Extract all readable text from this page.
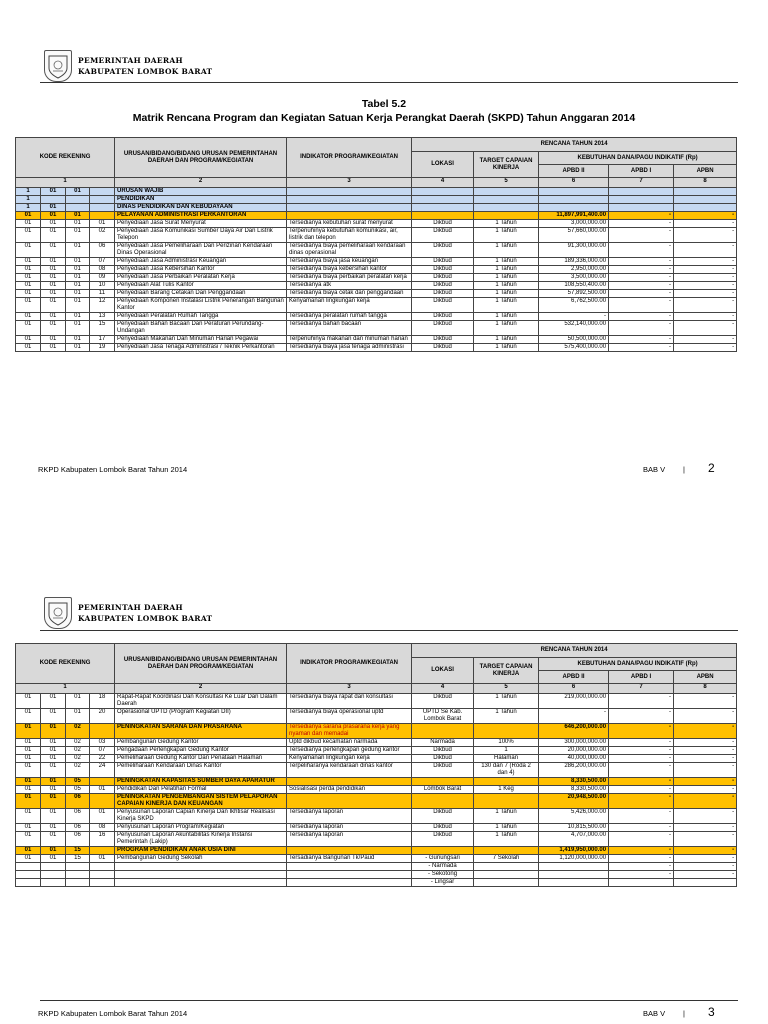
PEMERINTAH DAERAH
KABUPATEN LOMBOK BARAT
Tabel 5.2
Matrik Rencana Program dan Kegiatan Satuan Kerja Perangkat Daerah (SKPD) Tahun Anggaran 2014
KODE REKENING				URUSAN/BIDANG/BIDANG URUSAN PEMERINTAHAN DAERAH DAN PROGRAM/KEGIATAN	INDIKATOR PROGRAM/KEGIATAN	RENCANA TAHUN 2014				
						LOKASI	TARGET CAPAIAN KINERJA	KEBUTUHAN DANA/PAGU INDIKATIF (Rp)		
								APBD II	APBD I	APBN
1				2	3	4	5	6	7	8
1	01	01		URUSAN WAJIB						
1				PENDIDIKAN						
1	01			DINAS PENDIDIKAN DAN KEBUDAYAAN						
01	01	01		PELAYANAN ADMINISTRASI PERKANTORAN				11,897,991,400.00	-	-
01	01	01	01	Penyediaan Jasa Surat Menyurat	Tersedianya kebutuhan surat menyurat	Dikbud	1 Tahun	3,000,000.00	-	-
01	01	01	02	Penyediaan Jasa Komunikasi Sumber Daya Air Dan Listrik Telepon	Terpenuhinya kebutuhan komunikasi, air, listrik dan telepon	Dikbud	1 Tahun	57,660,000.00	-	-
01	01	01	06	Penyediaan Jasa Pemeliharaan Dan Perizinan Kendaraan Dinas Operasional	Tersedianya biaya pemeliharaan kendaraan dinas operasional	Dikbud	1 Tahun	91,300,000.00	-	-
01	01	01	07	Penyediaan Jasa Administrasi Keuangan	Tersedianya biaya jasa keuangan	Dikbud	1 Tahun	189,336,000.00	-	-
01	01	01	08	Penyediaan Jasa Kebersihan Kantor	Tersedianya biaya kebersihan kantor	Dikbud	1 Tahun	2,950,000.00	-	-
01	01	01	09	Penyediaan Jasa Perbaikan Peralatan Kerja	Tersedianya biaya perbaikan peralatan kerja	Dikbud	1 Tahun	3,500,000.00	-	-
01	01	01	10	Penyediaan Alat Tulis Kantor	Tersedianya atk	Dikbud	1 Tahun	108,550,400.00	-	-
01	01	01	11	Penyediaan Barang Cetakan Dan Penggandaan	Tersedianya biaya cetak dan penggandaan	Dikbud	1 Tahun	57,892,500.00	-	-
01	01	01	12	Penyediaan Komponen Instalasi Listrik Penerangan Bangunan Kantor	Kenyamanan lingkungan kerja	Dikbud	1 Tahun	6,762,500.00	-	-
01	01	01	13	Penyediaan Peralatan Rumah Tangga	Tersedianya peralatan rumah tangga	Dikbud	1 Tahun	-	-	-
01	01	01	15	Penyediaan Bahan Bacaan Dan Peraturan Perundang-Undangan	Tersedianya bahan bacaan	Dikbud	1 Tahun	532,140,000.00	-	-
01	01	01	17	Penyediaan Makanan Dan Minuman Harian Pegawai	Terpenuhinya makanan dan minuman harian	Dikbud	1 Tahun	50,500,000.00	-	-
01	01	01	19	Penyediaan Jasa Tenaga Administrasi / Teknik Perkantoran	Tersedianya biaya jasa tenaga administrasi	Dikbud	1 Tahun	575,400,000.00	-	-
RKPD Kabupaten Lombok Barat Tahun 2014	BAB V | 2
PEMERINTAH DAERAH
KABUPATEN LOMBOK BARAT
KODE REKENING				URUSAN/BIDANG/BIDANG URUSAN PEMERINTAHAN DAERAH DAN PROGRAM/KEGIATAN	INDIKATOR PROGRAM/KEGIATAN	RENCANA TAHUN 2014				
						LOKASI	TARGET CAPAIAN KINERJA	KEBUTUHAN DANA/PAGU INDIKATIF (Rp)		
								APBD II	APBD I	APBN
1				2	3	4	5	6	7	8
01	01	01	18	Rapat-Rapat Koordinasi Dan Konsultasi Ke Luar Dan Dalam Daerah	Tersedianya biaya rapat dan konsultasi	Dikbud	1 Tahun	219,000,000.00	-	-
01	01	01	20	Operasional UPTD (Program Kegiatan DII)	Tersedianya biaya operasional uptd	UPTD Se Kab. Lombok Barat	1 Tahun	-	-	-
01	01	02		PENINGKATAN SARANA DAN PRASARANA	Tersedianya sarana prasarana kerja yang nyaman dan memadai			646,200,000.00	-	-
01	01	02	03	Pembangunan Gedung Kantor	Uptd dikbud kecamatan narmada	Narmada	100%	300,000,000.00	-	-
01	01	02	07	Pengadaan Perlengkapan Gedung Kantor	Tersedianya perlengkapan gedung kantor	Dikbud	1	20,000,000.00	-	-
01	01	02	22	Pemeliharaan Gedung Kantor Dan Penataan Halaman	Kenyamanan lingkungan kerja	Dikbud	Halaman	40,000,000.00	-	-
01	01	02	24	Pemeliharaan Kendaraan Dinas Kantor	Terpeliharanya kendaraan dinas kantor	Dikbud	130 dan 7 (Roda 2 dan 4)	286,200,000.00	-	-
01	01	05		PENINGKATAN KAPASITAS SUMBER DAYA APARATUR				8,330,500.00	-	-
01	01	05	01	Pendidikan Dan Pelatihan Formal	Sosialisasi perda pendidikan	Lombok Barat	1 Keg	8,330,500.00	-	-
01	01	06		PENINGKATAN PENGEMBANGAN SISTEM PELAPORAN CAPAIAN KINERJA DAN KEUANGAN				20,948,500.00	-	-
01	01	06	01	Penyusunan Laporan Capian Kinerja Dan Ikhtisar Realisasi Kinerja SKPD	Tersedianya laporan	Dikbud	1 Tahun	5,426,000.00	-	-
01	01	06	08	Penyusunan Laporan Program/Kegiatan	Tersedianya laporan	Dikbud	1 Tahun	10,815,500.00	-	-
01	01	06	16	Penyusunan Laporan Akuntabilitas Kinerja Instansi Pemerintah (Lakip)	Tersedianya laporan	Dikbud	1 Tahun	4,707,000.00	-	-
01	01	15		PROGRAM PENDIDIKAN ANAK USIA DINI				1,419,950,000.00	-	-
01	01	15	01	Pembangunan Gedung Sekolah	Tersadianya Bangunan Tk/Paud	- Gunungsari	7 Sekolah	1,120,000,000.00	-	-
						- Narmada			-	-
						- Sekotong			-	-
						- Lingsar				
RKPD Kabupaten Lombok Barat Tahun 2014	BAB V | 3
